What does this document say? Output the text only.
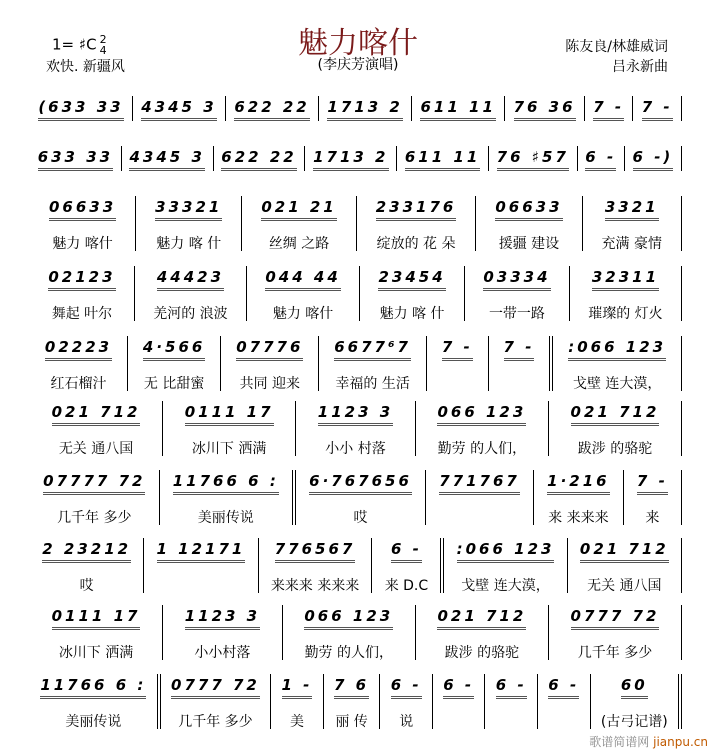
魅力喀什
(李庆芳演唱)
1= ♯C 2
4
欢快. 新疆风
陈友良/林雄威词
吕永新曲
(633 33 4345 3 622 22 1713 2 611 11 76 36 7 - 7 -
633 33 4345 3 622 22 1713 2 611 11 76 ♯57 6 - 6 -)
06633
魅力 喀什
33321
魅力 喀 什
021 21
丝绸 之路
233176
绽放的 花 朵
06633
援疆 建设
3321
充满 豪情
02123
舞起 叶尔
44423
羌河的 浪波
044 44
魅力 喀什
23454
魅力 喀 什
03334
一带一路
32311
璀璨的 灯火
02223
红石榴汁
4·566
无 比甜蜜
07776
共同 迎来
6677⁶7
幸福的 生活
7 - 7 - :066 123
戈壁 连大漠，
021 712
无关 通八国
0111 17
冰川下 洒满
1123 3
小小 村落
066 123
勤劳 的人们，
021 712
跋涉 的骆驼
07777 72
几千年 多少
11766 6 :
美丽传说
6·767656
哎
771767 1·216
来 来来来
7 -
来
2 23212
哎
1 12171 776567
来来来 来来来
6 -
来 D.C
:066 123
戈壁 连大漠，
021 712
无关 通八国
0111 17
冰川下 洒满
1123 3
小小村落
066 123
勤劳 的人们，
021 712
跋涉 的骆驼
0777 72
几千年 多少
11766 6 :
美丽传说
0777 72
几千年 多少
1 -
美
7 6
丽 传
6 -
说
6 - 6 - 6 -	60
(古弓记谱)
歌谱简谱网 jianpu.cn
